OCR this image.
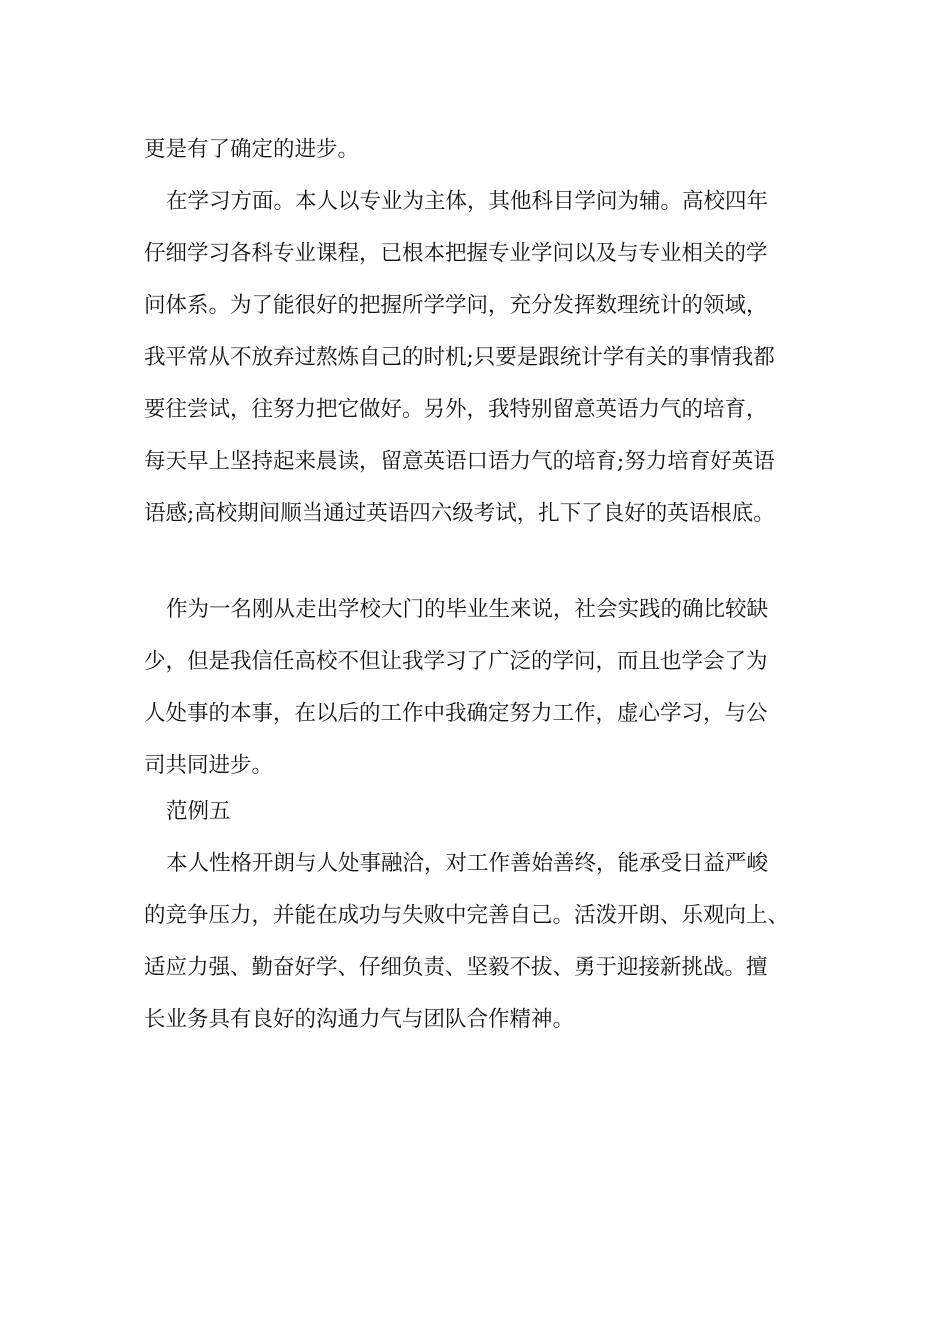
更是有了确定的进步。
在学习方面。本人以专业为主体，其他科目学问为辅。高校四年
仔细学习各科专业课程，已根本把握专业学问以及与专业相关的学
问体系。为了能很好的把握所学学问，充分发挥数理统计的领域，
我平常从不放弃过熬炼自己的时机;只要是跟统计学有关的事情我都
要往尝试，往努力把它做好。另外，我特别留意英语力气的培育，
每天早上坚持起来晨读，留意英语口语力气的培育;努力培育好英语
语感;高校期间顺当通过英语四六级考试，扎下了良好的英语根底。
作为一名刚从走出学校大门的毕业生来说，社会实践的确比较缺
少，但是我信任高校不但让我学习了广泛的学问，而且也学会了为
人处事的本事，在以后的工作中我确定努力工作，虚心学习，与公
司共同进步。
范例五
本人性格开朗与人处事融洽，对工作善始善终，能承受日益严峻
的竞争压力，并能在成功与失败中完善自己。活泼开朗、乐观向上、
适应力强、勤奋好学、仔细负责、坚毅不拔、勇于迎接新挑战。擅
长业务具有良好的沟通力气与团队合作精神。
